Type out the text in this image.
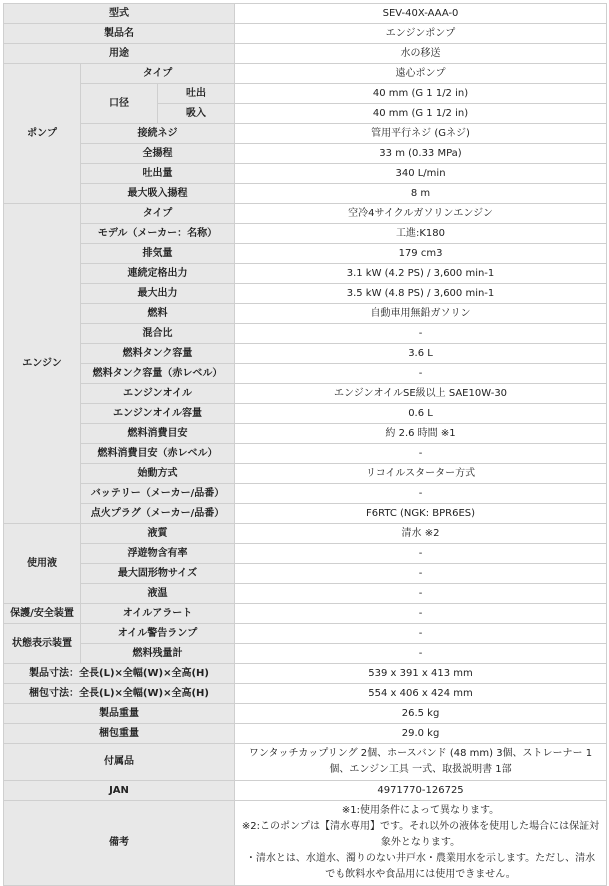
型式			SEV-40X-AAA-0
製品名			エンジンポンプ
用途			水の移送
ポンプ	タイプ		遠心ポンプ
	口径	吐出	40 mm (G 1 1/2 in)
		吸入	40 mm (G 1 1/2 in)
	接続ネジ		管用平行ネジ (Gネジ)
	全揚程		33 m (0.33 MPa)
	吐出量		340 L/min
	最大吸入揚程		8 m
エンジン	タイプ		空冷4サイクルガソリンエンジン
	モデル（メーカー：名称）		工進:K180
	排気量		179 cm3
	連続定格出力		3.1 kW (4.2 PS) / 3,600 min-1
	最大出力		3.5 kW (4.8 PS) / 3,600 min-1
	燃料		自動車用無鉛ガソリン
	混合比		-
	燃料タンク容量		3.6 L
	燃料タンク容量（赤レベル）		-
	エンジンオイル		エンジンオイルSE級以上 SAE10W-30
	エンジンオイル容量		0.6 L
	燃料消費目安		約 2.6 時間 ※1
	燃料消費目安（赤レベル）		-
	始動方式		リコイルスターター方式
	バッテリー（メーカー/品番）		-
	点火プラグ（メーカー/品番）		F6RTC (NGK: BPR6ES)
使用液	液質		清水 ※2
	浮遊物含有率		-
	最大固形物サイズ		-
	液温		-
保護/安全装置	オイルアラート		-
状態表示装置	オイル警告ランプ		-
	燃料残量計		-
製品寸法：全長(L)×全幅(W)×全高(H)			539 x 391 x 413 mm
梱包寸法：全長(L)×全幅(W)×全高(H)			554 x 406 x 424 mm
製品重量			26.5 kg
梱包重量			29.0 kg
付属品			ワンタッチカップリング 2個、ホースバンド (48 mm) 3個、ストレーナー 1個、エンジン工具 一式、取扱説明書 1部
JAN			4971770-126725
備考			※1:使用条件によって異なります。
※2:このポンプは【清水専用】です。それ以外の液体を使用した場合には保証対象外となります。
・清水とは、水道水、濁りのない井戸水・農業用水を示します。ただし、清水でも飲料水や食品用には使用できません。
